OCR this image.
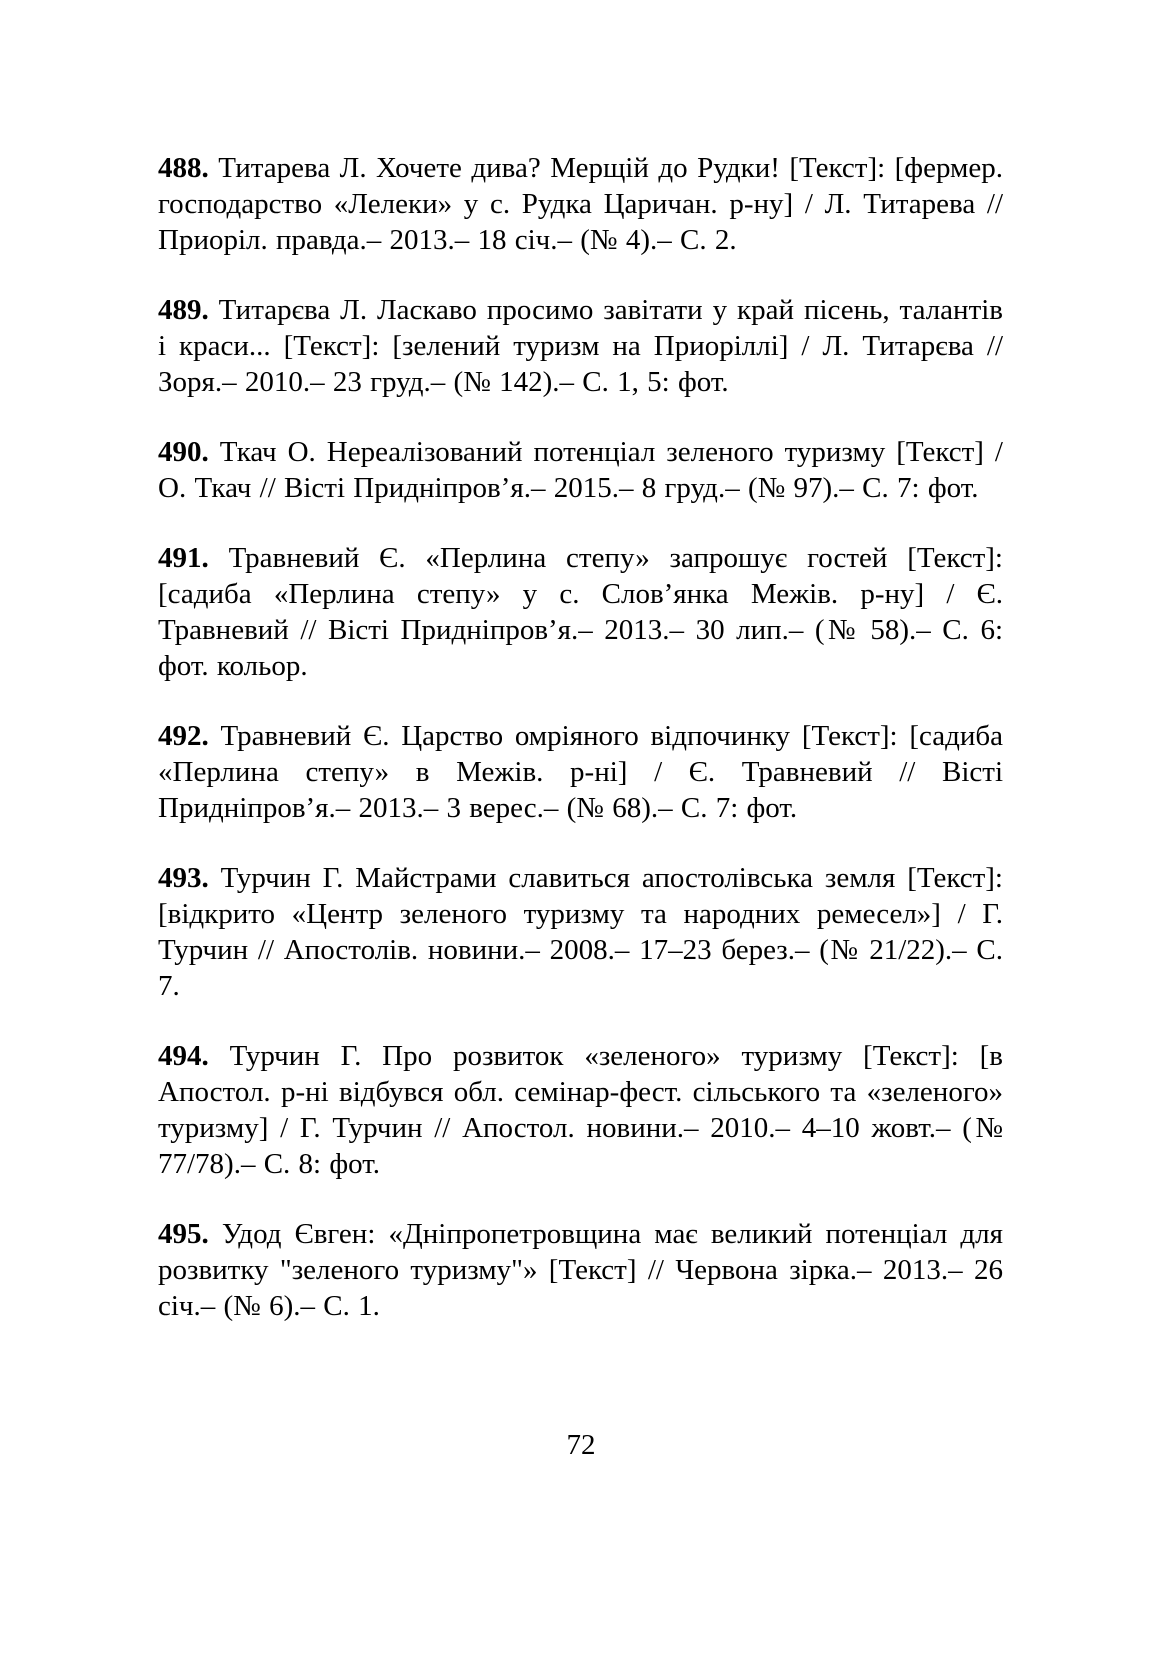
488. Титарева Л. Хочете дива? Мерщій до Рудки! [Текст]: [фермер. господарство «Лелеки» у с. Рудка Царичан. р-ну] / Л. Титарева // Приоріл. правда.– 2013.– 18 січ.– (№ 4).– С. 2.

489. Титарєва Л. Ласкаво просимо завітати у край пісень, талантів і краси... [Текст]: [зелений туризм на Приоріллі] / Л. Титарєва // Зоря.– 2010.– 23 груд.– (№ 142).– С. 1, 5: фот.

490. Ткач О. Нереалізований потенціал зеленого туризму [Текст] / О. Ткач // Вісті Придніпров’я.– 2015.– 8 груд.– (№ 97).– С. 7: фот.

491. Травневий Є. «Перлина степу» запрошує гостей [Текст]: [садиба «Перлина степу» у с. Слов’янка Межів. р-ну] / Є. Травневий // Вісті Придніпров’я.– 2013.– 30 лип.– (№ 58).– С. 6: фот. кольор.

492. Травневий Є. Царство омріяного відпочинку [Текст]: [садиба «Перлина степу» в Межів. р-ні] / Є. Травневий // Вісті Придніпров’я.– 2013.– 3 верес.– (№ 68).– С. 7: фот.

493. Турчин Г. Майстрами славиться апостолівська земля [Текст]: [відкрито «Центр зеленого туризму та народних ремесел»] / Г. Турчин // Апостолів. новини.– 2008.– 17–23 берез.– (№ 21/22).– С. 7.

494. Турчин Г. Про розвиток «зеленого» туризму [Текст]: [в Апостол. р-ні відбувся обл. семінар-фест. сільського та «зеленого» туризму] / Г. Турчин // Апостол. новини.– 2010.– 4–10 жовт.– (№ 77/78).– С. 8: фот.

495. Удод Євген: «Дніпропетровщина має великий потенціал для розвитку "зеленого туризму"» [Текст] // Червона зірка.– 2013.– 26 січ.– (№ 6).– С. 1.

72
